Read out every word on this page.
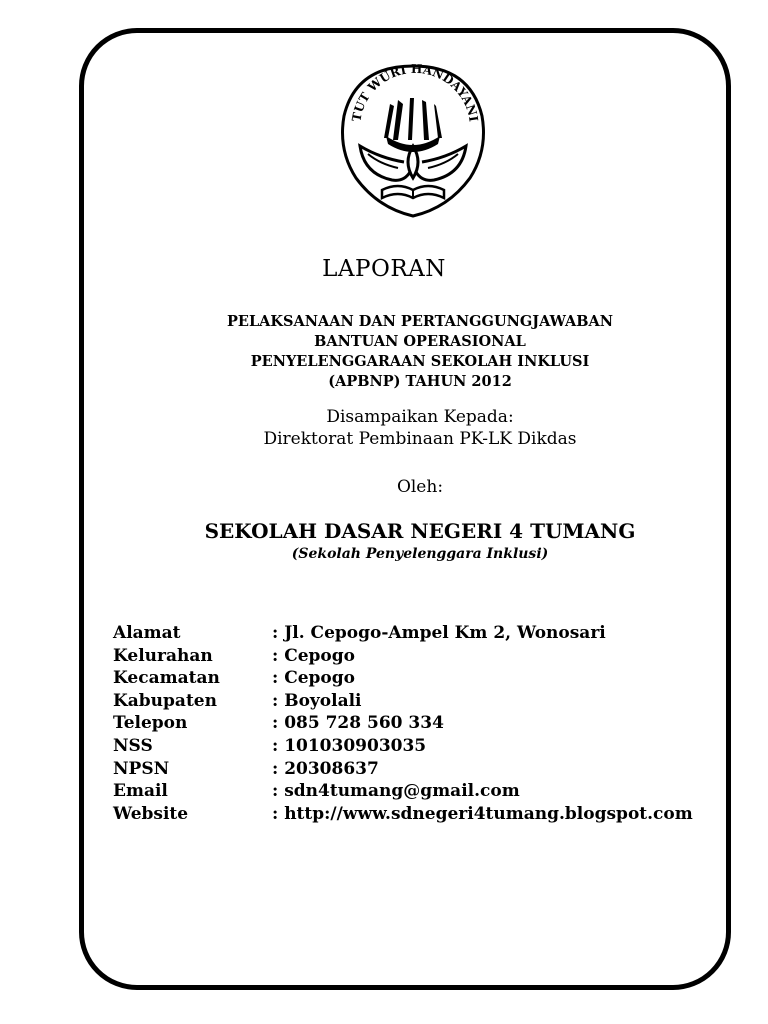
TUT WURI HANDAYANI
LAPORAN
PELAKSANAAN DAN PERTANGGUNGJAWABAN
BANTUAN OPERASIONAL
PENYELENGGARAAN SEKOLAH INKLUSI
(APBNP) TAHUN 2012
Disampaikan Kepada:
Direktorat Pembinaan PK-LK Dikdas
Oleh:
SEKOLAH DASAR NEGERI 4 TUMANG
(Sekolah Penyelenggara Inklusi)
Alamat	: Jl. Cepogo-Ampel Km 2, Wonosari
Kelurahan	: Cepogo
Kecamatan	: Cepogo
Kabupaten	: Boyolali
Telepon	: 085 728 560 334
NSS	: 101030903035
NPSN	: 20308637
Email	: sdn4tumang@gmail.com
Website	: http://www.sdnegeri4tumang.blogspot.com
